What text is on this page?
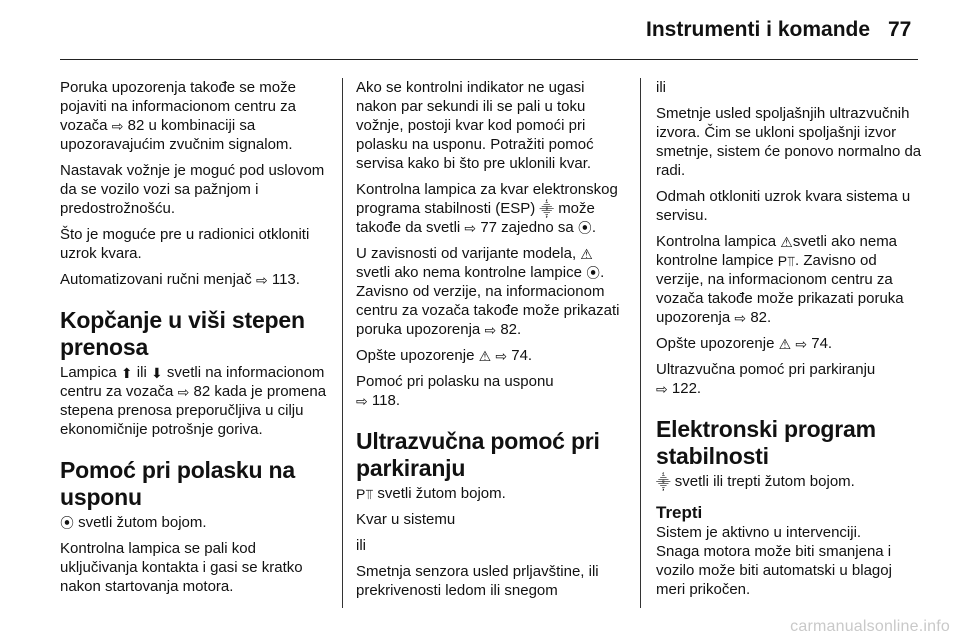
Instrumenti i komande 77

Poruka upozorenja takođe se može pojaviti na informacionom centru za vozača ⇨ 82 u kombinaciji sa upozoravajućim zvučnim signalom.

Nastavak vožnje je moguć pod uslovom da se vozilo vozi sa pažnjom i predostrožnošću.

Što je moguće pre u radionici otkloniti uzrok kvara.

Automatizovani ručni menjač ⇨ 113.

Kopčanje u viši stepen prenosa

Lampica ⬆ ili ⬇ svetli na informacionom centru za vozača ⇨ 82 kada je promena stepena prenosa preporučljiva u cilju ekonomičnije potrošnje goriva.

Pomoć pri polasku na usponu

⦿ svetli žutom bojom.

Kontrolna lampica se pali kod uključivanja kontakta i gasi se kratko nakon startovanja motora.

Ako se kontrolni indikator ne ugasi nakon par sekundi ili se pali u toku vožnje, postoji kvar kod pomoći pri polasku na usponu. Potražiti pomoć servisa kako bi što pre uklonili kvar.

Kontrolna lampica za kvar elektronskog programa stabilnosti (ESP) ⸎ može takođe da svetli ⇨ 77 zajedno sa ⦿.

U zavisnosti od varijante modela, ⚠ svetli ako nema kontrolne lampice ⦿. Zavisno od verzije, na informacionom centru za vozača takođe može prikazati poruka upozorenja ⇨ 82.

Opšte upozorenje ⚠ ⇨ 74.

Pomoć pri polasku na usponu
⇨ 118.

Ultrazvučna pomoć pri parkiranju

P⫪ svetli žutom bojom.

Kvar u sistemu

ili

Smetnja senzora usled prljavštine, ili prekrivenosti ledom ili snegom

ili

Smetnje usled spoljašnjih ultrazvučnih izvora. Čim se ukloni spoljašnji izvor smetnje, sistem će ponovo normalno da radi.

Odmah otkloniti uzrok kvara sistema u servisu.

Kontrolna lampica ⚠svetli ako nema kontrolne lampice P⫪. Zavisno od verzije, na informacionom centru za vozača takođe može prikazati poruka upozorenja ⇨ 82.

Opšte upozorenje ⚠ ⇨ 74.

Ultrazvučna pomoć pri parkiranju
⇨ 122.

Elektronski program stabilnosti

⸎ svetli ili trepti žutom bojom.

Trepti

Sistem je aktivno u intervenciji.

Snaga motora može biti smanjena i vozilo može biti automatski u blagoj meri prikočen.

carmanualsonline.info
